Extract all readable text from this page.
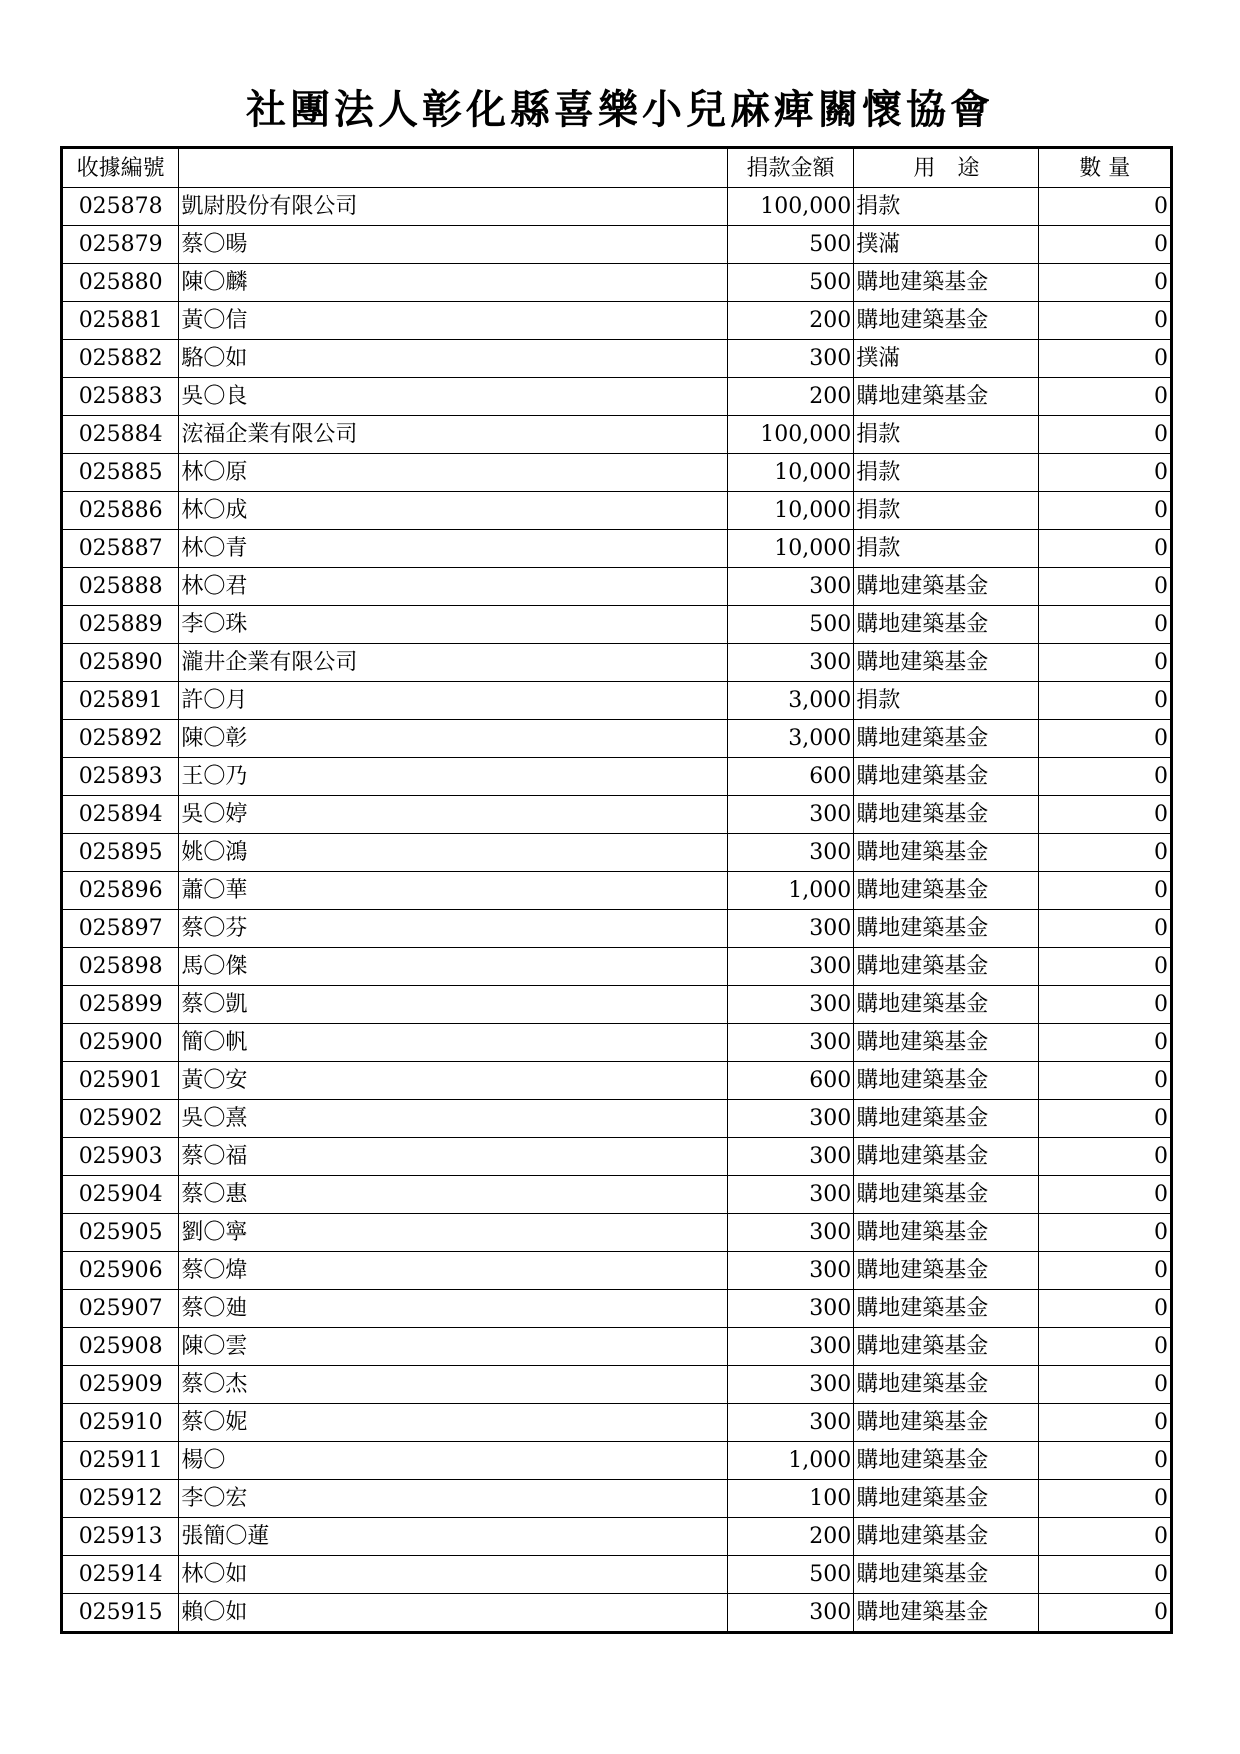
社團法人彰化縣喜樂小兒麻痺關懷協會
收據編號		捐款金額	用　途	數 量
025878	凱尉股份有限公司	100,000	捐款	0
025879	蔡〇暘	500	撲滿	0
025880	陳〇麟	500	購地建築基金	0
025881	黃〇信	200	購地建築基金	0
025882	駱〇如	300	撲滿	0
025883	吳〇良	200	購地建築基金	0
025884	浤福企業有限公司	100,000	捐款	0
025885	林〇原	10,000	捐款	0
025886	林〇成	10,000	捐款	0
025887	林〇青	10,000	捐款	0
025888	林〇君	300	購地建築基金	0
025889	李〇珠	500	購地建築基金	0
025890	瀧井企業有限公司	300	購地建築基金	0
025891	許〇月	3,000	捐款	0
025892	陳〇彰	3,000	購地建築基金	0
025893	王〇乃	600	購地建築基金	0
025894	吳〇婷	300	購地建築基金	0
025895	姚〇鴻	300	購地建築基金	0
025896	蕭〇華	1,000	購地建築基金	0
025897	蔡〇芬	300	購地建築基金	0
025898	馬〇傑	300	購地建築基金	0
025899	蔡〇凱	300	購地建築基金	0
025900	簡〇帆	300	購地建築基金	0
025901	黃〇安	600	購地建築基金	0
025902	吳〇熹	300	購地建築基金	0
025903	蔡〇福	300	購地建築基金	0
025904	蔡〇惠	300	購地建築基金	0
025905	劉〇寧	300	購地建築基金	0
025906	蔡〇煒	300	購地建築基金	0
025907	蔡〇廸	300	購地建築基金	0
025908	陳〇雲	300	購地建築基金	0
025909	蔡〇杰	300	購地建築基金	0
025910	蔡〇妮	300	購地建築基金	0
025911	楊〇	1,000	購地建築基金	0
025912	李〇宏	100	購地建築基金	0
025913	張簡〇蓮	200	購地建築基金	0
025914	林〇如	500	購地建築基金	0
025915	賴〇如	300	購地建築基金	0
